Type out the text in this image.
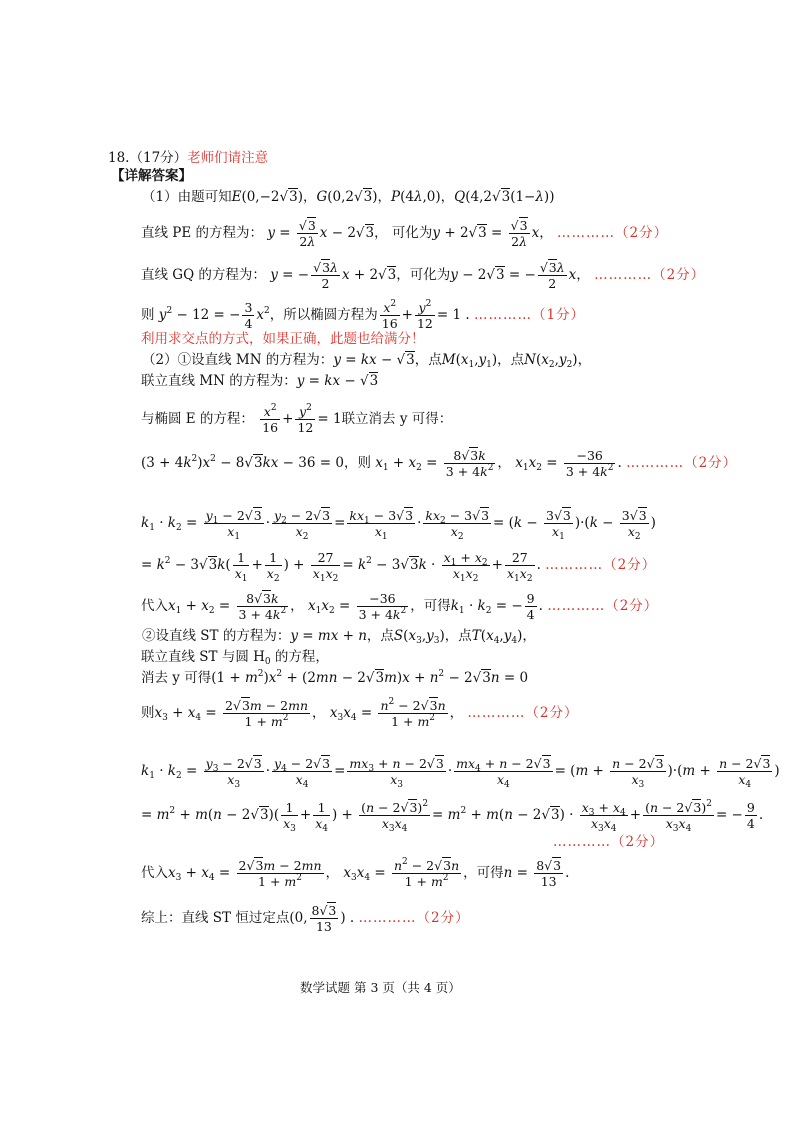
18.（17分）老师们请注意
【详解答案】
（1）由题可知E(0,−2√3)，G(0,2√3)，P(4λ,0)，Q(4,2√3(1−λ))
直线 PE 的方程为： $y = \frac{√3}{2\lambda}$ x − 2√3， 可化为$y + 2√3 = \frac{√3}{2\lambda}$ x， …………（2分）
直线 GQ 的方程为： y = − $\frac{√3\lambda}{2}$ x + 2√3，可化为y − 2√3 = − $\frac{√3\lambda}{2}$ x， …………（2分）
则 $y^2 - 12$ = − $\frac{3}{4} x^2$，所以椭圆方程为 $\frac{x^2}{16} + \frac{y^2}{12} = 1$ . …………（1分）
利用求交点的方式，如果正确，此题也给满分！
（2）①设直线 MN 的方程为：y = kx − √3，点$M(x_1,y_1)$，点$N(x_2,y_2)$，
联立直线 MN 的方程为：y = kx − √3
与椭圆 E 的方程： $\frac{x^2}{16} + \frac{y^2}{12} = 1$联立消去 y 可得：
$(3 + 4k^2)x^2 - 8√3kx - 36 = 0$，则 $x_1 + x_2 = \frac{8√3k}{3 + 4k^2}$ ， $x_1x_2 = \frac{-36}{3 + 4k^2}$ . …………（2分）
$k_1 \cdot k_2 = \frac{y_1 - 2√3}{x_1} \cdot \frac{y_2 - 2√3}{x_2} = \frac{kx_1 - 3√3}{x_1} \cdot \frac{kx_2 - 3√3}{x_2} = (k - \frac{3√3}{x_1} )\cdot(k - \frac{3√3}{x_2}$ )
= $k^2 - 3√3k( \frac{1}{x_1} + \frac{1}{x_2}$ ) + $\frac{27}{x_1x_2} = k^2 - 3√3k \cdot \frac{x_1 + x_2}{x_1x_2} + \frac{27}{x_1x_2}$ . …………（2分）
代入$x_1 + x_2 = \frac{8√3k}{3 + 4k^2}$ ， $x_1x_2 = \frac{-36}{3 + 4k^2}$ ，可得$k_1 \cdot k_2$ = − $\frac{9}{4}$ . …………（2分）
②设直线 ST 的方程为：y = mx + n，点$S(x_3,y_3)$，点$T(x_4,y_4)$，
联立直线 ST 与圆 $H_0$ 的方程，
消去 y 可得$(1 + m^2)x^2 + (2mn - 2√3m)x + n^2 - 2√3n = 0$
则$x_3 + x_4 = \frac{2√3m - 2mn}{1 + m^2}$ ， $x_3x_4 = \frac{n^2 - 2√3n}{1 + m^2}$ ， …………（2分）
$k_1 \cdot k_2 = \frac{y_3 - 2√3}{x_3} \cdot \frac{y_4 - 2√3}{x_4} = \frac{mx_3 + n - 2√3}{x_3} \cdot \frac{mx_4 + n - 2√3}{x_4} = (m + \frac{n - 2√3}{x_3} )\cdot(m + \frac{n - 2√3}{x_4}$ )
= $m^2 + m(n - 2√3)( \frac{1}{x_3} + \frac{1}{x_4}$ ) + $\frac{(n - 2√3)^2}{x_3x_4} = m^2 + m(n - 2√3) \cdot \frac{x_3 + x_4}{x_3x_4} + \frac{(n - 2√3)^2}{x_3x_4}$ = − $\frac{9}{4}$ .
…………（2分）
代入$x_3 + x_4 = \frac{2√3m - 2mn}{1 + m^2}$ ， $x_3x_4 = \frac{n^2 - 2√3n}{1 + m^2}$ ，可得$n = \frac{8√3}{13}$ .
综上：直线 ST 恒过定点(0, $\frac{8√3}{13}$ ) . …………（2分）
数学试题 第 3 页（共 4 页）
